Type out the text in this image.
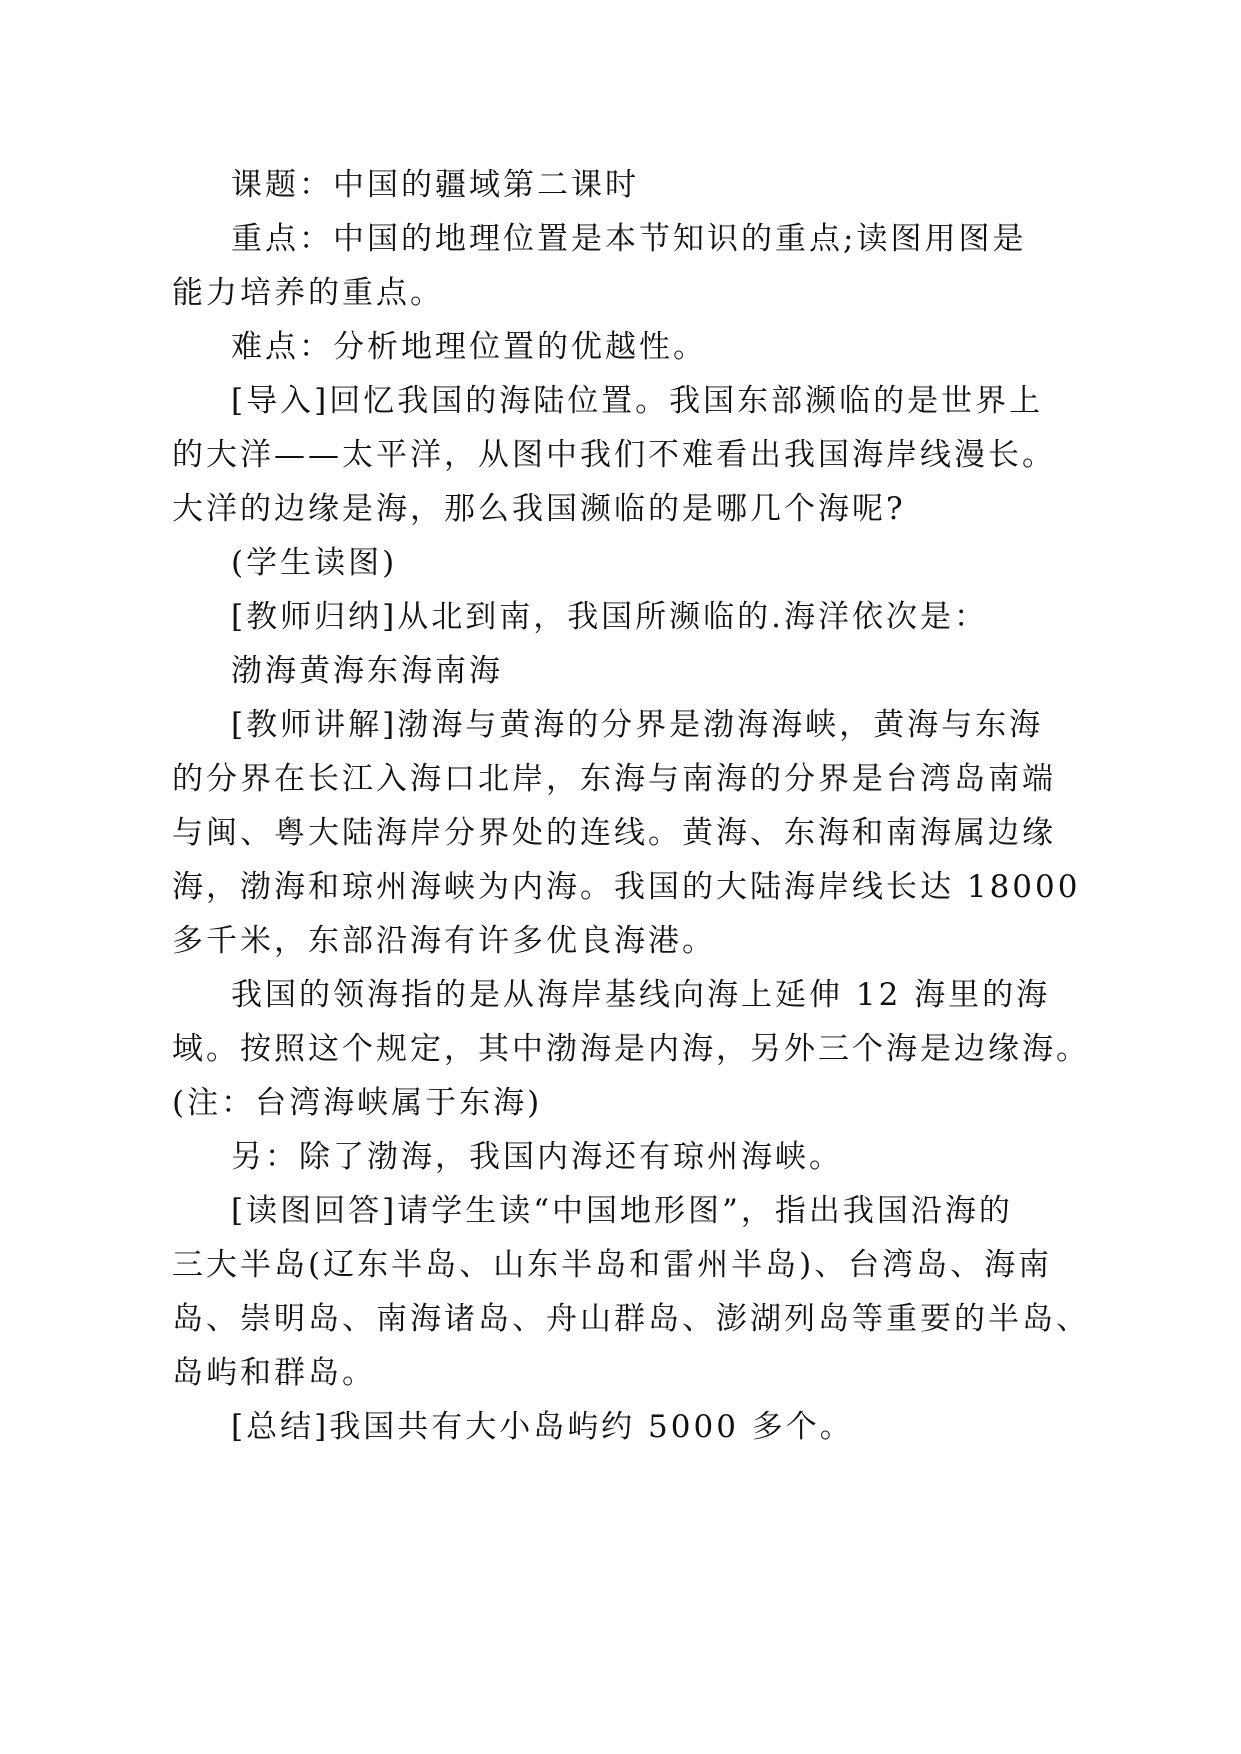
课题：中国的疆域第二课时
重点：中国的地理位置是本节知识的重点;读图用图是
能力培养的重点。
难点：分析地理位置的优越性。
[导入]回忆我国的海陆位置。我国东部濒临的是世界上
的大洋——太平洋，从图中我们不难看出我国海岸线漫长。
大洋的边缘是海，那么我国濒临的是哪几个海呢?
(学生读图)
[教师归纳]从北到南，我国所濒临的.海洋依次是：
渤海黄海东海南海
[教师讲解]渤海与黄海的分界是渤海海峡，黄海与东海
的分界在长江入海口北岸，东海与南海的分界是台湾岛南端
与闽、粤大陆海岸分界处的连线。黄海、东海和南海属边缘
海，渤海和琼州海峡为内海。我国的大陆海岸线长达 18000
多千米，东部沿海有许多优良海港。
我国的领海指的是从海岸基线向海上延伸 12 海里的海
域。按照这个规定，其中渤海是内海，另外三个海是边缘海。
(注：台湾海峡属于东海)
另：除了渤海，我国内海还有琼州海峡。
[读图回答]请学生读“中国地形图”，指出我国沿海的
三大半岛(辽东半岛、山东半岛和雷州半岛)、台湾岛、海南
岛、崇明岛、南海诸岛、舟山群岛、澎湖列岛等重要的半岛、
岛屿和群岛。
[总结]我国共有大小岛屿约 5000 多个。
